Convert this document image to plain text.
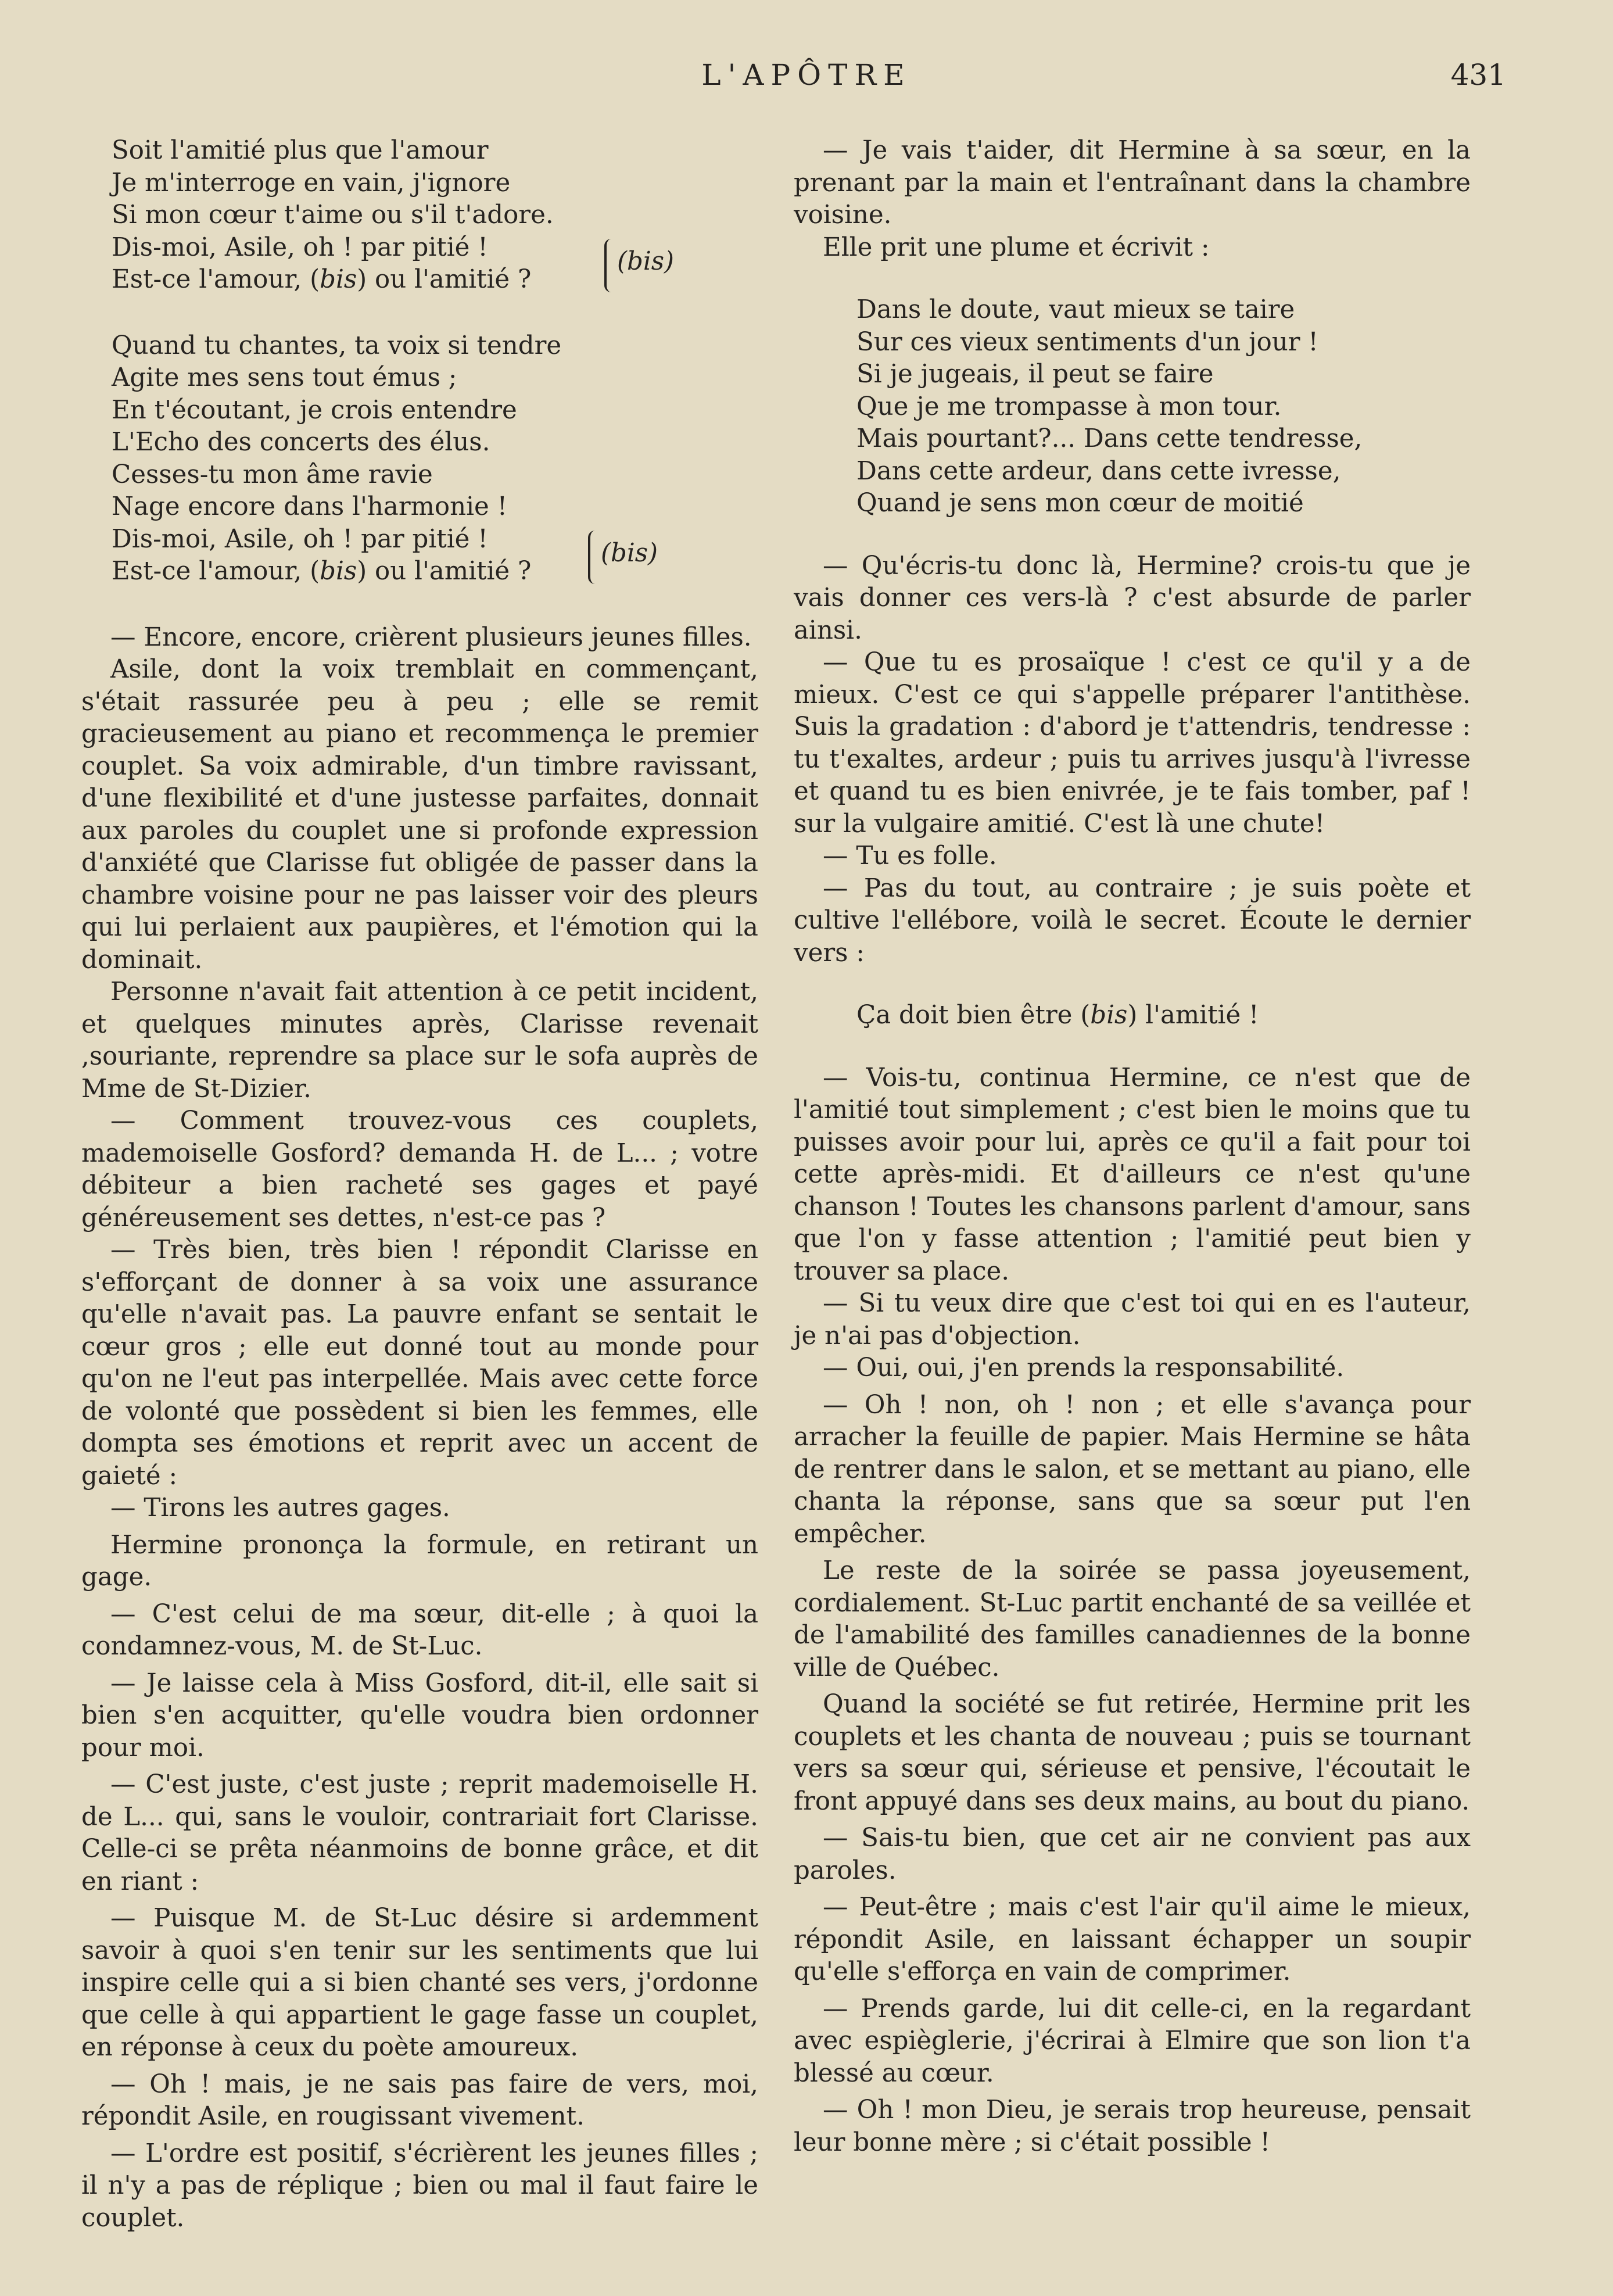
L'APÔTRE	431
Soit l'amitié plus que l'amour
Je m'interroge en vain, j'ignore
Si mon cœur t'aime ou s'il t'adore.
Dis-moi, Asile, oh ! par pitié !
Est-ce l'amour, (bis) ou l'amitié ?
(bis)
Quand tu chantes, ta voix si tendre
Agite mes sens tout émus ;
En t'écoutant, je crois entendre
L'Echo des concerts des élus.
Cesses-tu mon âme ravie
Nage encore dans l'harmonie !
Dis-moi, Asile, oh ! par pitié !
Est-ce l'amour, (bis) ou l'amitié ?
(bis)

— Encore, encore, crièrent plusieurs jeunes filles.

Asile, dont la voix tremblait en commençant, s'était rassurée peu à peu ; elle se remit gracieusement au piano et recommença le premier couplet. Sa voix admirable, d'un timbre ravissant, d'une flexibilité et d'une justesse parfaites, donnait aux paroles du couplet une si profonde expression d'anxiété que Clarisse fut obligée de passer dans la chambre voisine pour ne pas laisser voir des pleurs qui lui perlaient aux paupières, et l'émotion qui la dominait.

Personne n'avait fait attention à ce petit incident, et quelques minutes après, Clarisse revenait ,souriante, reprendre sa place sur le sofa auprès de Mme de St-Dizier.

— Comment trouvez-vous ces couplets, mademoiselle Gosford? demanda H. de L... ; votre débiteur a bien racheté ses gages et payé généreusement ses dettes, n'est-ce pas ?

— Très bien, très bien ! répondit Clarisse en s'efforçant de donner à sa voix une assurance qu'elle n'avait pas. La pauvre enfant se sentait le cœur gros ; elle eut donné tout au monde pour qu'on ne l'eut pas interpellée. Mais avec cette force de volonté que possèdent si bien les femmes, elle dompta ses émotions et reprit avec un accent de gaieté :

— Tirons les autres gages.

Hermine prononça la formule, en retirant un gage.

— C'est celui de ma sœur, dit-elle ; à quoi la condamnez-vous, M. de St-Luc.

— Je laisse cela à Miss Gosford, dit-il, elle sait si bien s'en acquitter, qu'elle voudra bien ordonner pour moi.

— C'est juste, c'est juste ; reprit mademoiselle H. de L... qui, sans le vouloir, contrariait fort Clarisse. Celle-ci se prêta néanmoins de bonne grâce, et dit en riant :

— Puisque M. de St-Luc désire si ardemment savoir à quoi s'en tenir sur les sentiments que lui inspire celle qui a si bien chanté ses vers, j'ordonne que celle à qui appartient le gage fasse un couplet, en réponse à ceux du poète amoureux.

— Oh ! mais, je ne sais pas faire de vers, moi, répondit Asile, en rougissant vivement.

— L'ordre est positif, s'écrièrent les jeunes filles ; il n'y a pas de réplique ; bien ou mal il faut faire le couplet.

— Je vais t'aider, dit Hermine à sa sœur, en la prenant par la main et l'entraînant dans la chambre voisine.

Elle prit une plume et écrivit :

Dans le doute, vaut mieux se taire
Sur ces vieux sentiments d'un jour !
Si je jugeais, il peut se faire
Que je me trompasse à mon tour.
Mais pourtant?... Dans cette tendresse,
Dans cette ardeur, dans cette ivresse,
Quand je sens mon cœur de moitié

— Qu'écris-tu donc là, Hermine? crois-tu que je vais donner ces vers-là ? c'est absurde de parler ainsi.

— Que tu es prosaïque ! c'est ce qu'il y a de mieux. C'est ce qui s'appelle préparer l'antithèse. Suis la gradation : d'abord je t'attendris, tendresse : tu t'exaltes, ardeur ; puis tu arrives jusqu'à l'ivresse et quand tu es bien enivrée, je te fais tomber, paf ! sur la vulgaire amitié. C'est là une chute!

— Tu es folle.

— Pas du tout, au contraire ; je suis poète et cultive l'ellébore, voilà le secret. Écoute le dernier vers :

Ça doit bien être (bis) l'amitié !

— Vois-tu, continua Hermine, ce n'est que de l'amitié tout simplement ; c'est bien le moins que tu puisses avoir pour lui, après ce qu'il a fait pour toi cette après-midi. Et d'ailleurs ce n'est qu'une chanson ! Toutes les chansons parlent d'amour, sans que l'on y fasse attention ; l'amitié peut bien y trouver sa place.

— Si tu veux dire que c'est toi qui en es l'auteur, je n'ai pas d'objection.

— Oui, oui, j'en prends la responsabilité.

— Oh ! non, oh ! non ; et elle s'avança pour arracher la feuille de papier. Mais Hermine se hâta de rentrer dans le salon, et se mettant au piano, elle chanta la réponse, sans que sa sœur put l'en empêcher.

Le reste de la soirée se passa joyeusement, cordialement. St-Luc partit enchanté de sa veillée et de l'amabilité des familles canadiennes de la bonne ville de Québec.

Quand la société se fut retirée, Hermine prit les couplets et les chanta de nouveau ; puis se tournant vers sa sœur qui, sérieuse et pensive, l'écoutait le front appuyé dans ses deux mains, au bout du piano.

— Sais-tu bien, que cet air ne convient pas aux paroles.

— Peut-être ; mais c'est l'air qu'il aime le mieux, répondit Asile, en laissant échapper un soupir qu'elle s'efforça en vain de comprimer.

— Prends garde, lui dit celle-ci, en la regardant avec espièglerie, j'écrirai à Elmire que son lion t'a blessé au cœur.

— Oh ! mon Dieu, je serais trop heureuse, pensait leur bonne mère ; si c'était possible !
